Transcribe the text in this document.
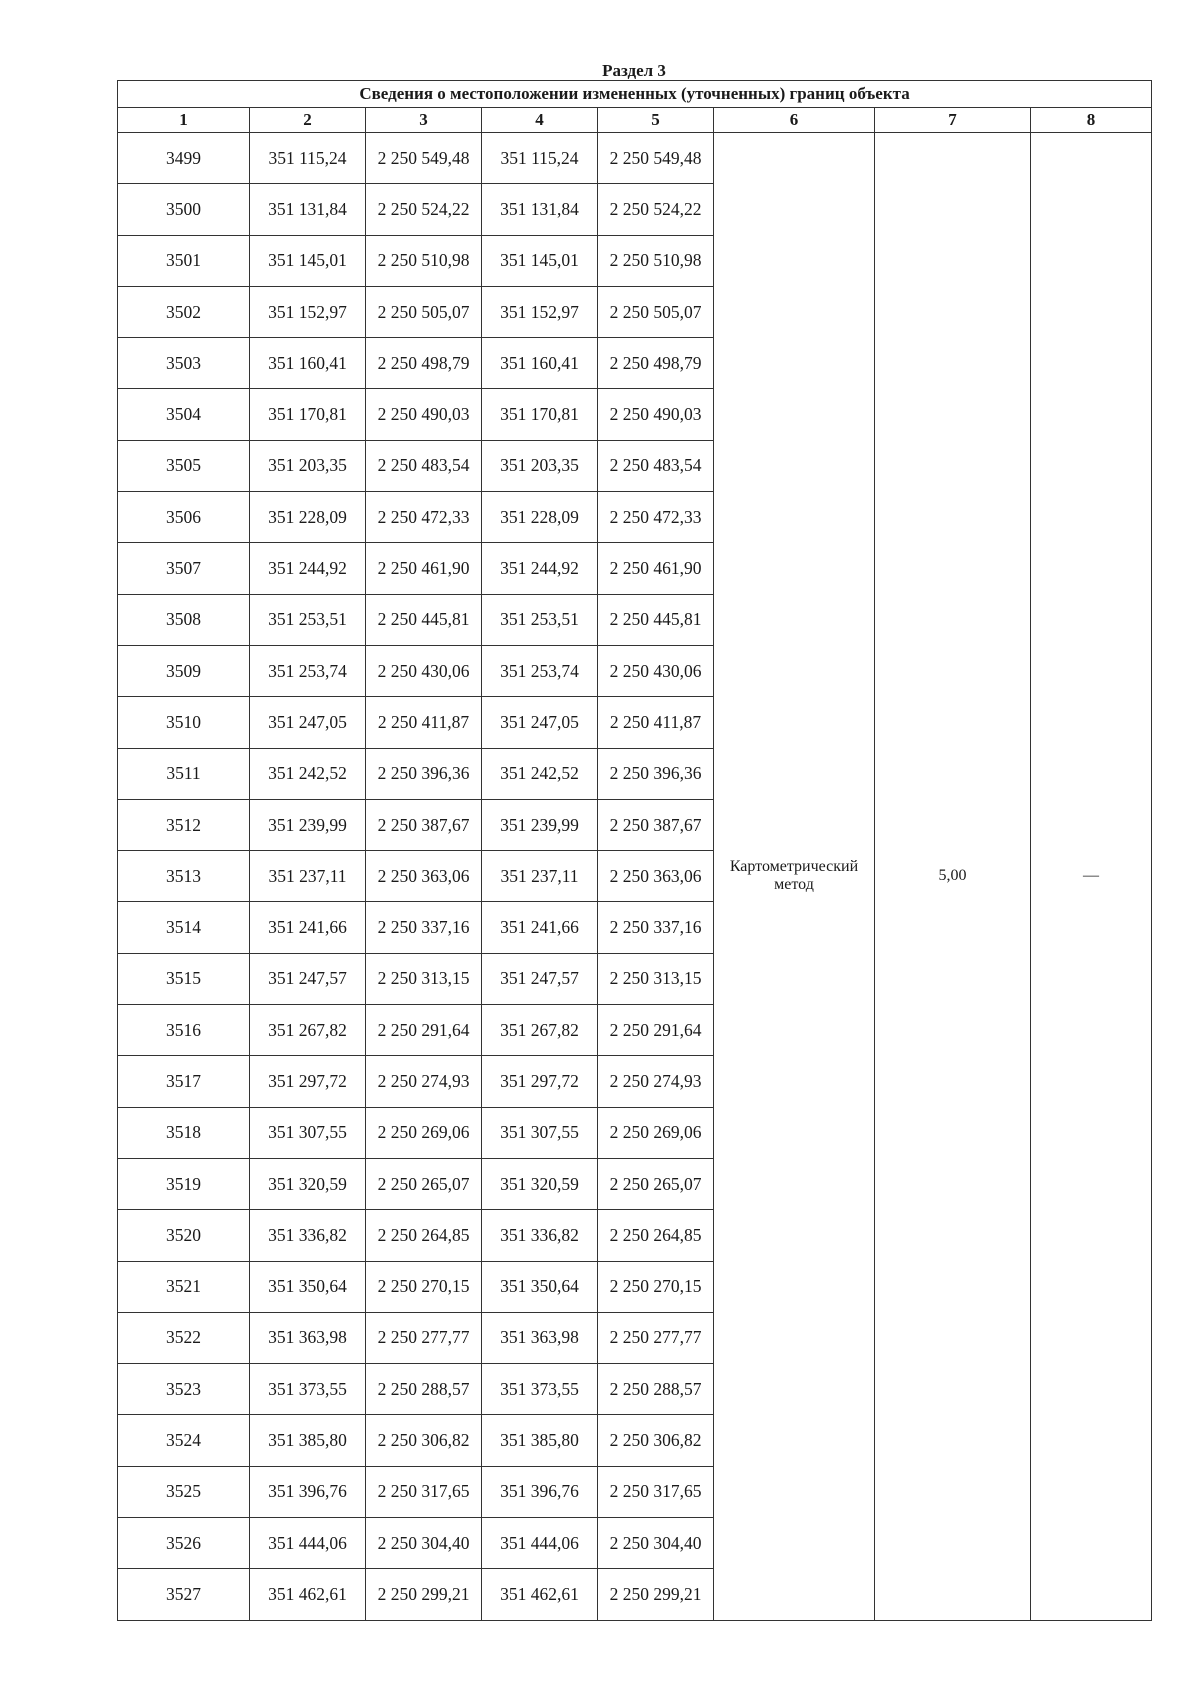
Раздел 3
Сведения о местоположении измененных (уточненных) границ объекта							
1	2	3	4	5	6	7	8
3499	351 115,24	2 250 549,48	351 115,24	2 250 549,48	Картометрический
метод	5,00	—
3500	351 131,84	2 250 524,22	351 131,84	2 250 524,22			
3501	351 145,01	2 250 510,98	351 145,01	2 250 510,98			
3502	351 152,97	2 250 505,07	351 152,97	2 250 505,07			
3503	351 160,41	2 250 498,79	351 160,41	2 250 498,79			
3504	351 170,81	2 250 490,03	351 170,81	2 250 490,03			
3505	351 203,35	2 250 483,54	351 203,35	2 250 483,54			
3506	351 228,09	2 250 472,33	351 228,09	2 250 472,33			
3507	351 244,92	2 250 461,90	351 244,92	2 250 461,90			
3508	351 253,51	2 250 445,81	351 253,51	2 250 445,81			
3509	351 253,74	2 250 430,06	351 253,74	2 250 430,06			
3510	351 247,05	2 250 411,87	351 247,05	2 250 411,87			
3511	351 242,52	2 250 396,36	351 242,52	2 250 396,36			
3512	351 239,99	2 250 387,67	351 239,99	2 250 387,67			
3513	351 237,11	2 250 363,06	351 237,11	2 250 363,06			
3514	351 241,66	2 250 337,16	351 241,66	2 250 337,16			
3515	351 247,57	2 250 313,15	351 247,57	2 250 313,15			
3516	351 267,82	2 250 291,64	351 267,82	2 250 291,64			
3517	351 297,72	2 250 274,93	351 297,72	2 250 274,93			
3518	351 307,55	2 250 269,06	351 307,55	2 250 269,06			
3519	351 320,59	2 250 265,07	351 320,59	2 250 265,07			
3520	351 336,82	2 250 264,85	351 336,82	2 250 264,85			
3521	351 350,64	2 250 270,15	351 350,64	2 250 270,15			
3522	351 363,98	2 250 277,77	351 363,98	2 250 277,77			
3523	351 373,55	2 250 288,57	351 373,55	2 250 288,57			
3524	351 385,80	2 250 306,82	351 385,80	2 250 306,82			
3525	351 396,76	2 250 317,65	351 396,76	2 250 317,65			
3526	351 444,06	2 250 304,40	351 444,06	2 250 304,40			
3527	351 462,61	2 250 299,21	351 462,61	2 250 299,21			
